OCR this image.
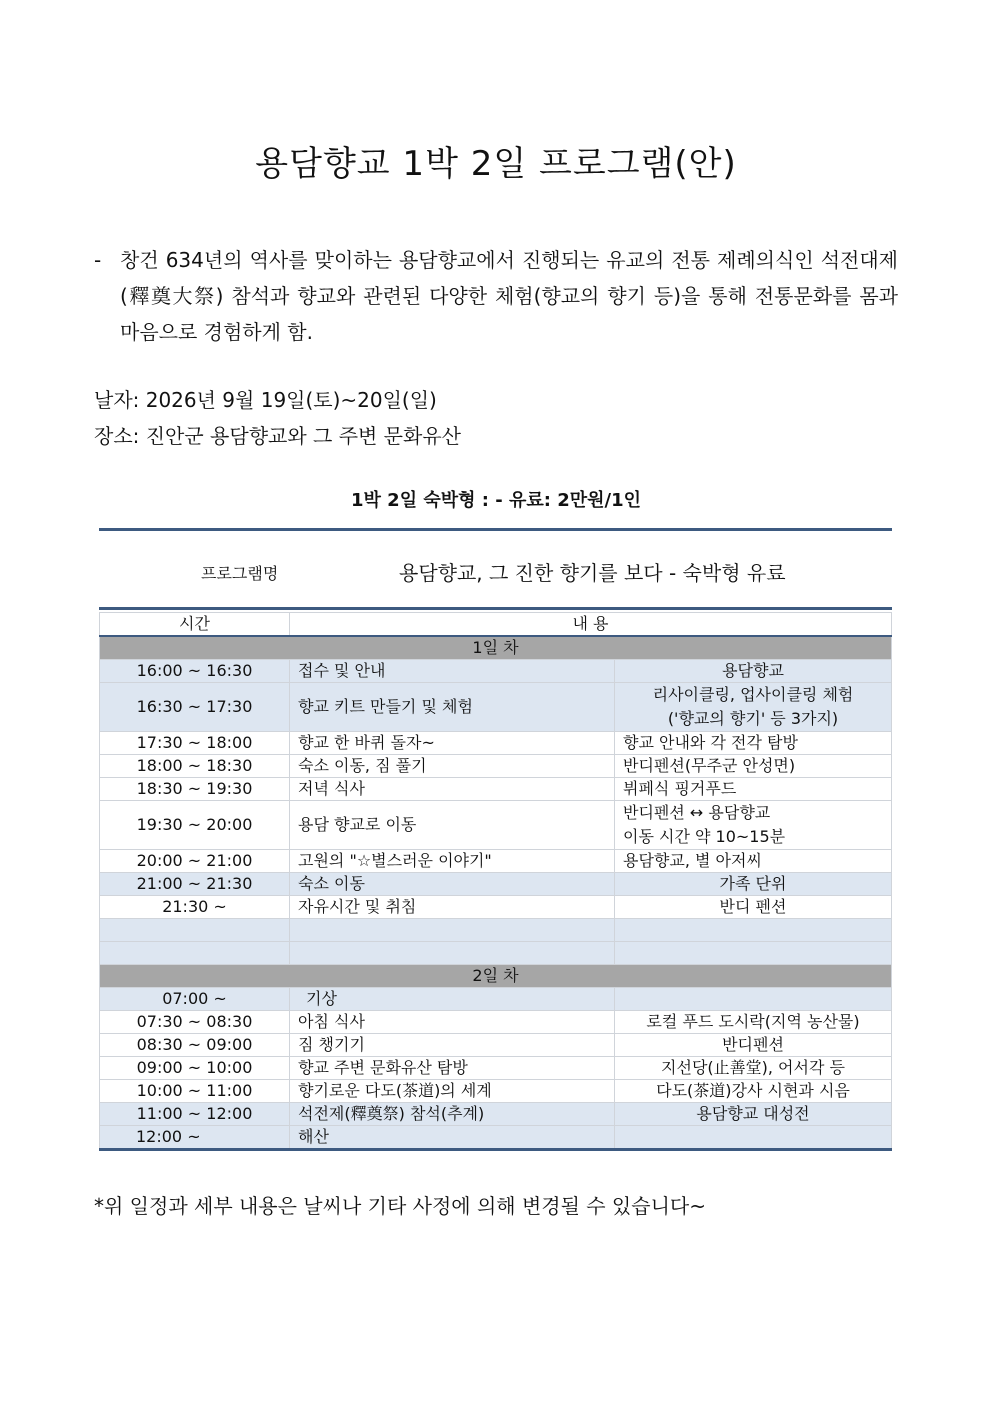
용담향교 1박 2일 프로그램(안)
- 창건 634년의 역사를 맞이하는 용담향교에서 진행되는 유교의 전통 제례의식인 석전대제(釋奠大祭) 참석과 향교와 관련된 다양한 체험(향교의 향기 등)을 통해 전통문화를 몸과 마음으로 경험하게 함.
날자: 2026년 9월 19일(토)~20일(일)
장소: 진안군 용담향교와 그 주변 문화유산
1박 2일 숙박형 : - 유료: 2만원/1인
프로그램명	용담향교, 그 진한 향기를 보다 - 숙박형 유료
시간	내 용	
1일 차		
16:00 ~ 16:30	접수 및 안내	용담향교
16:30 ~ 17:30	향교 키트 만들기 및 체험	리사이클링, 업사이클링 체험
('향교의 향기' 등 3가지)

17:30 ~ 18:00	향교 한 바퀴 돌자~	향교 안내와 각 전각 탐방
18:00 ~ 18:30	숙소 이동, 짐 풀기	반디펜션(무주군 안성면)
18:30 ~ 19:30	저녁 식사	뷔페식 핑거푸드
19:30 ~ 20:00	용담 향교로 이동	반디펜션 ↔ 용담향교
이동 시간 약 10~15분

20:00 ~ 21:00	고원의 "☆별스러운 이야기"	용담향교, 별 아저씨
21:00 ~ 21:30	숙소 이동	가족 단위
21:30 ~	자유시간 및 취침	반디 펜션

2일 차		
07:00 ~	기상	
07:30 ~ 08:30	아침 식사	로컬 푸드 도시락(지역 농산물)
08:30 ~ 09:00	짐 챙기기	반디펜션
09:00 ~ 10:00	향교 주변 문화유산 탐방	지선당(止善堂), 어서각 등
10:00 ~ 11:00	향기로운 다도(茶道)의 세계	다도(茶道)강사 시현과 시음
11:00 ~ 12:00	석전제(釋奠祭) 참석(추계)	용담향교 대성전
12:00 ~	해산	
*위 일정과 세부 내용은 날씨나 기타 사정에 의해 변경될 수 있습니다~
